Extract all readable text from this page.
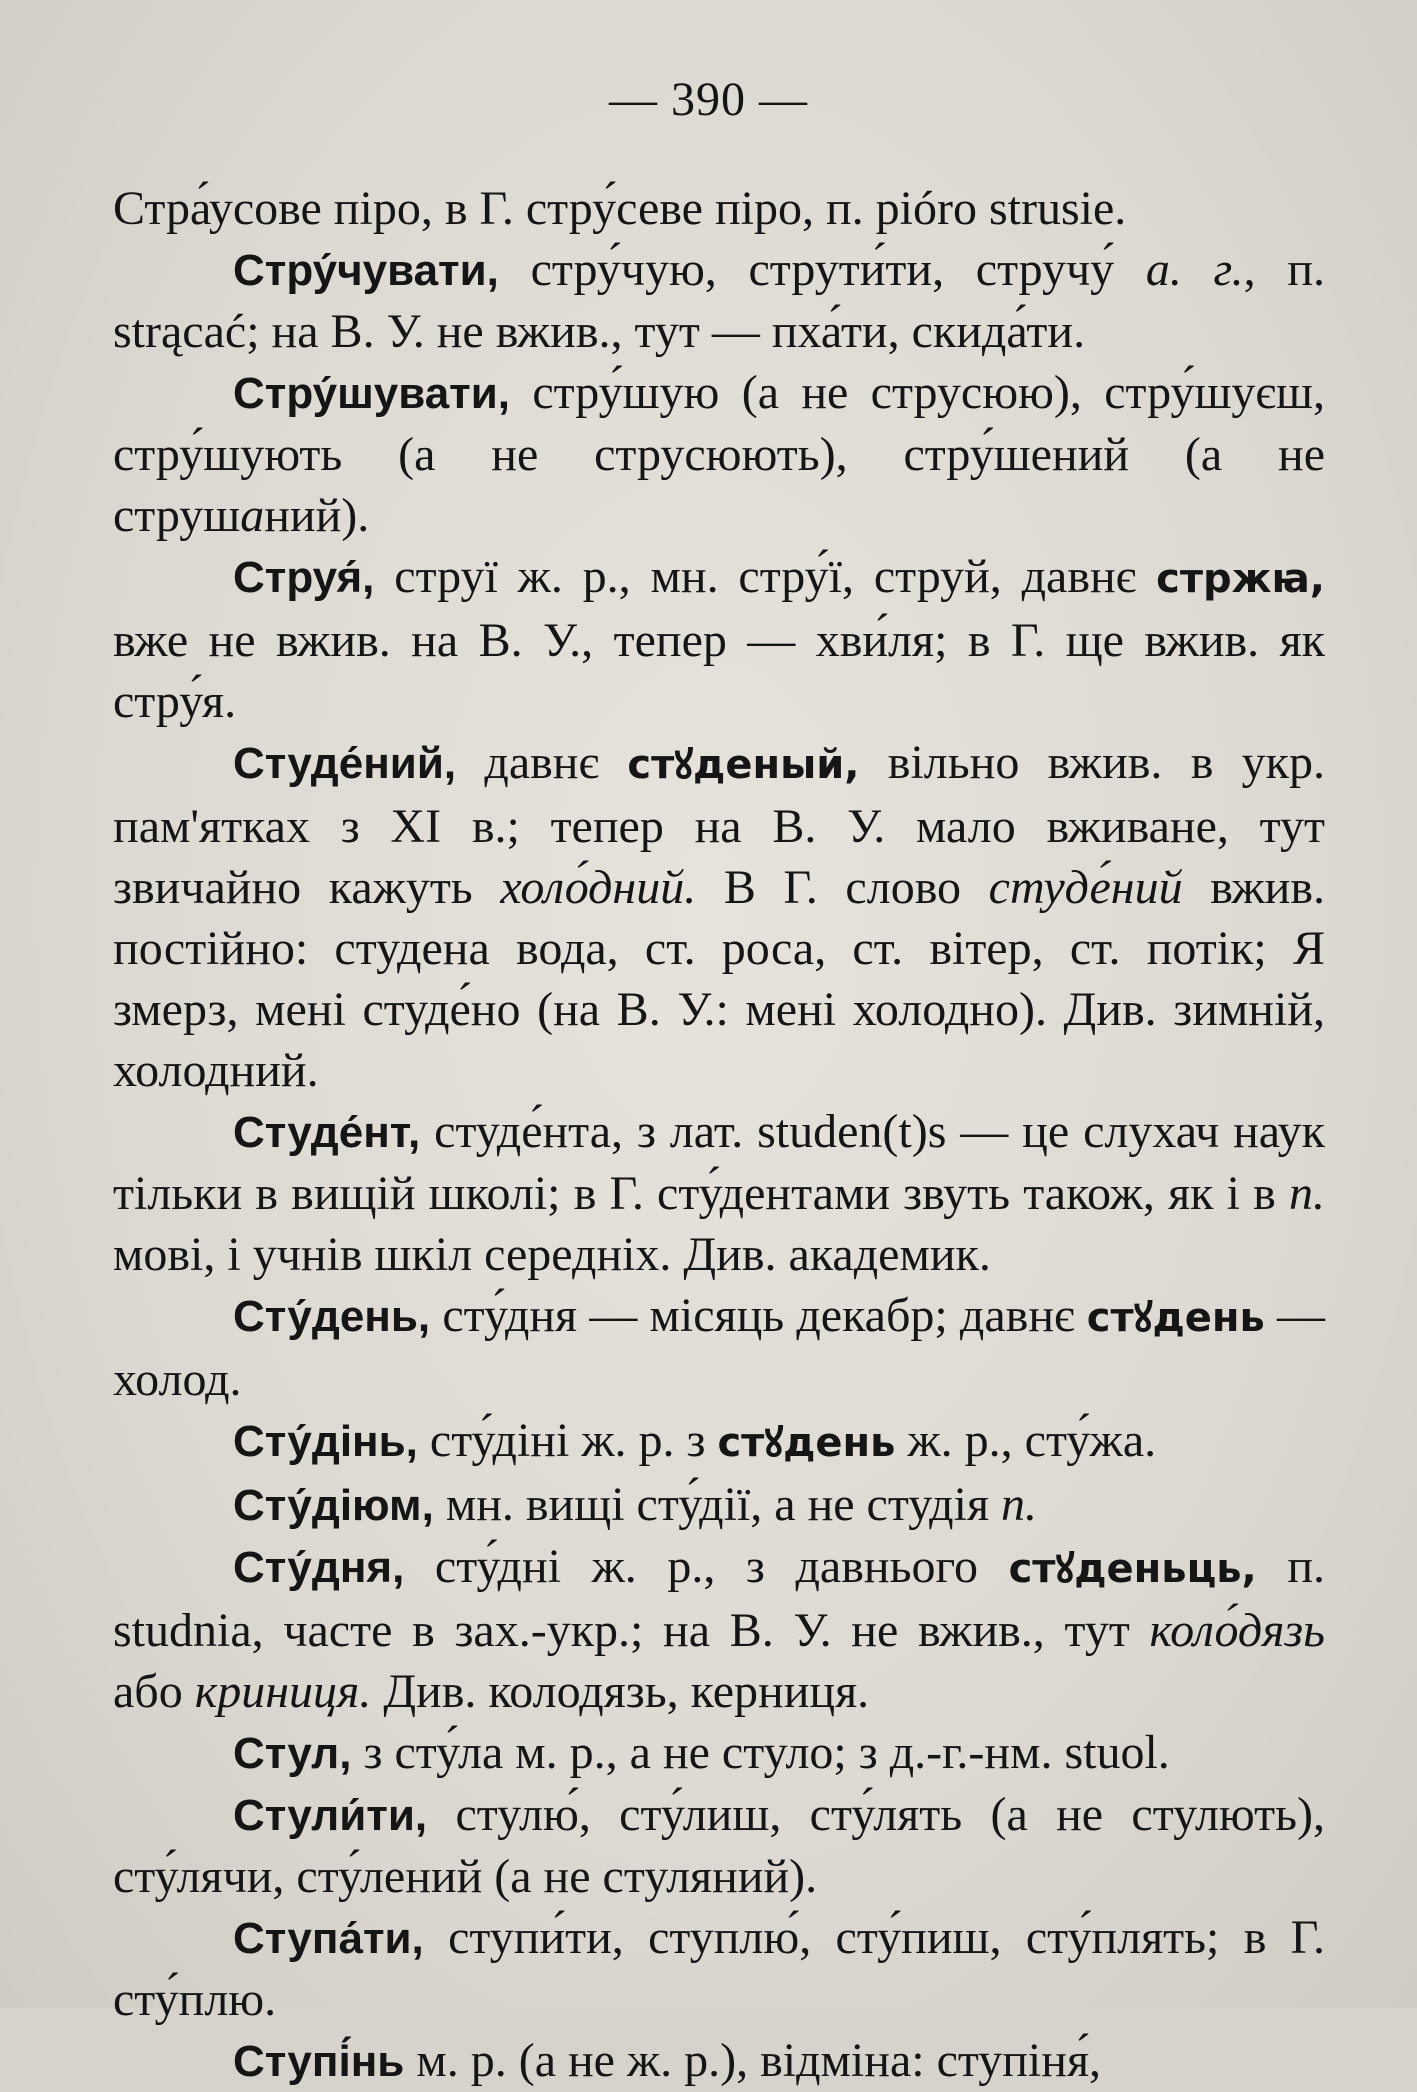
— 390 —

Стра́усове піро, в Г. стру́севе піро, п. pióro strusie.

Стру́чувати, стру́чую, струти́ти, стручу́ a. г., п. strącać; на В. У. не вжив., тут — пха́ти, скида́ти.

Стру́шувати, стру́шую (а не струсюю), стру́шуєш, стру́шують (а не струсюють), стру́шений (а не струшаний).

Струя́, струї ж. р., мн. стру́ї, струй, давнє стржꙗ, вже не вжив. на В. У., тепер — хви́ля; в Г. ще вжив. як стру́я.

Студе́ний, давнє стꙋденый, вільно вжив. в укр. пам'ятках з XI в.; тепер на В. У. мало вживане, тут звичайно кажуть холо́дний. В Г. слово студе́ний вжив. постійно: студена вода, ст. роса, ст. вітер, ст. потік; Я змерз, мені студе́но (на В. У.: мені холодно). Див. зимній, холодний.

Студе́нт, студе́нта, з лат. studen(t)s — це слухач наук тільки в вищій школі; в Г. сту́дентами звуть також, як і в п. мові, і учнів шкіл середніх. Див. академик.

Сту́день, сту́дня — місяць декабр; давнє стꙋдень — холод.

Сту́дінь, сту́діні ж. р. з стꙋдень ж. р., сту́жа.

Сту́діюм, мн. вищі сту́дії, а не студія п.

Сту́дня, сту́дні ж. р., з давнього стꙋденьць, п. studnia, часте в зах.-укр.; на В. У. не вжив., тут коло́дязь або криниця. Див. колодязь, керниця.

Стул, з сту́ла м. р., а не стуло; з д.-г.-нм. stuol.

Стули́ти, стулю́, сту́лиш, сту́лять (а не стулють), сту́лячи, сту́лений (а не стуляний).

Ступа́ти, ступи́ти, ступлю́, сту́пиш, сту́плять; в Г. сту́плю.

Ступі́нь м. р. (а не ж. р.), відміна: ступіня́,
